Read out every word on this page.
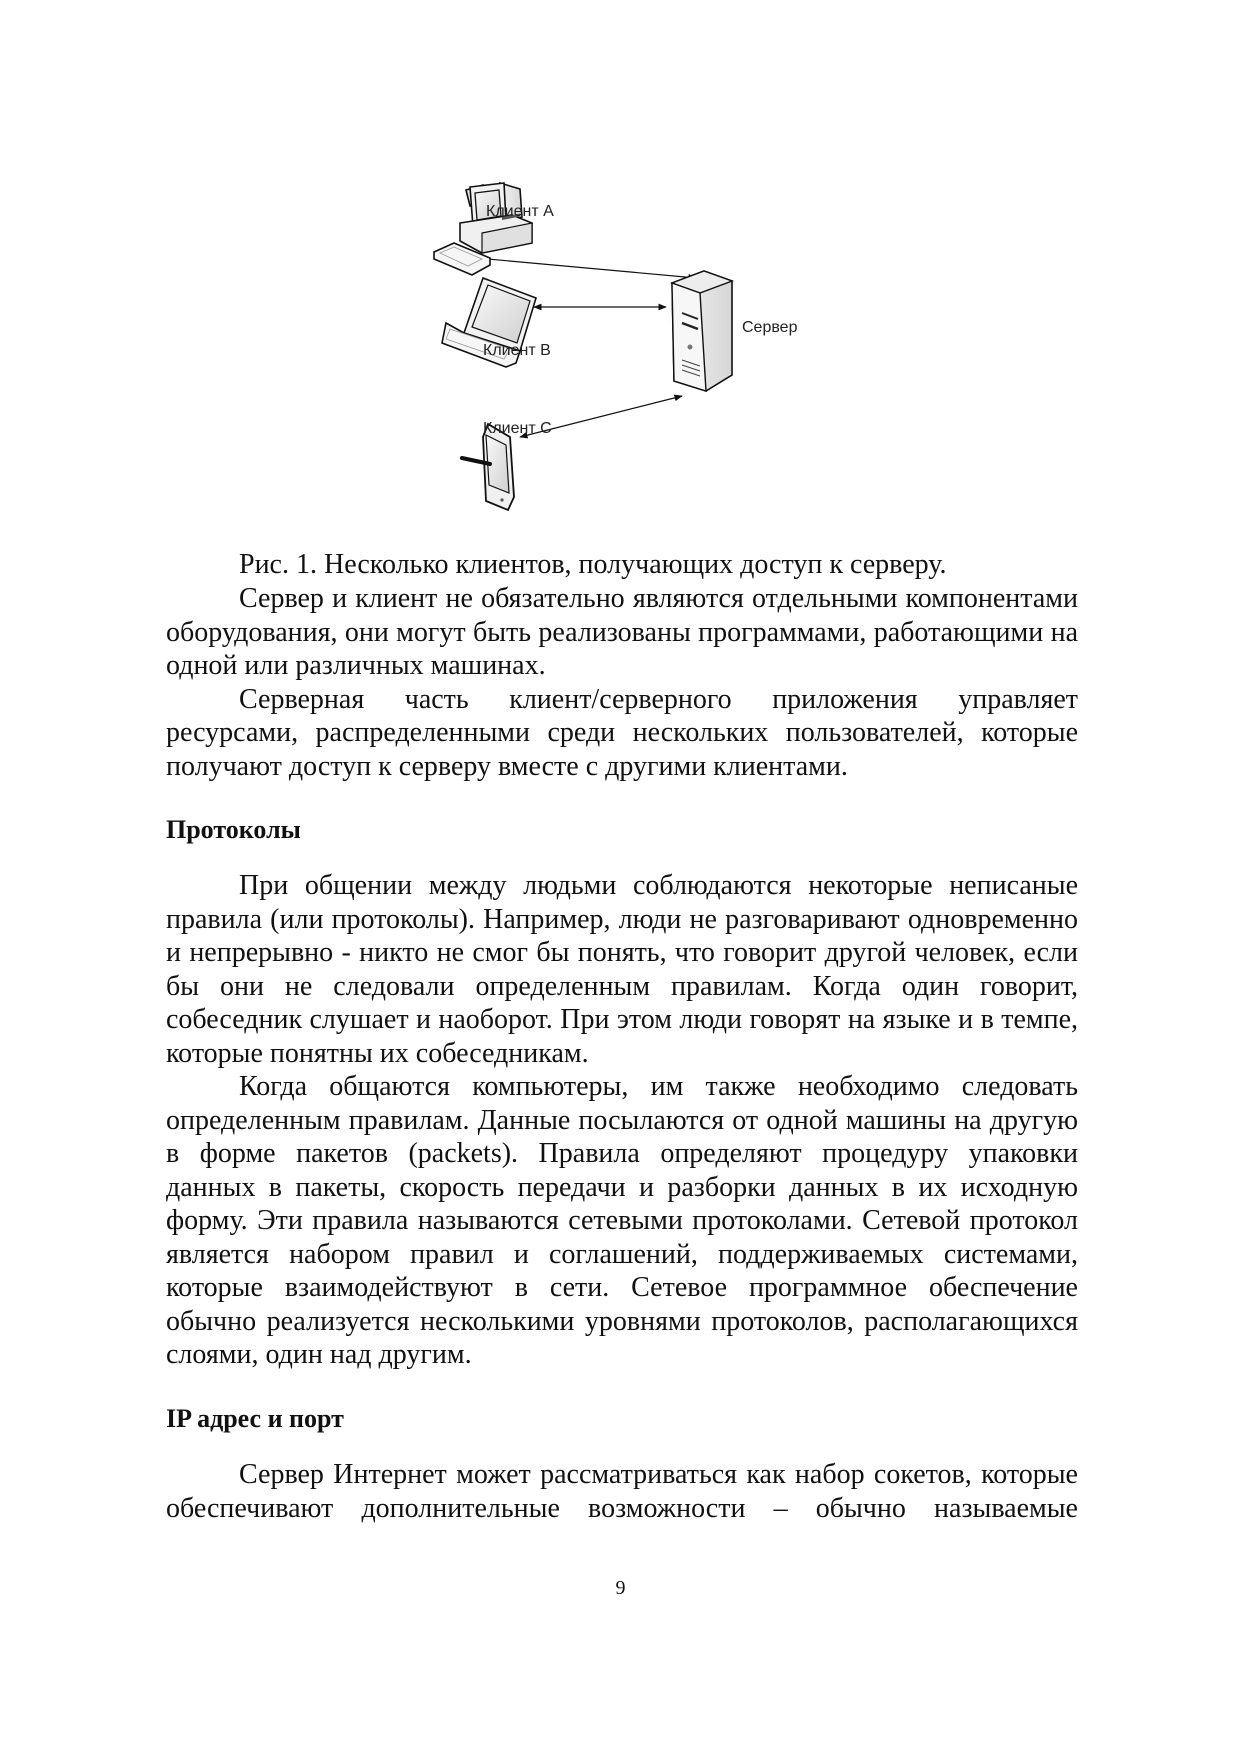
Клиент A
Клиент B
Клиент C
Сервер
Рис. 1. Несколько клиентов, получающих доступ к серверу.

Сервер и клиент не обязательно являются отдельными компонентами оборудования, они могут быть реализованы программами, работающими на одной или различных машинах.

Серверная часть клиент/серверного приложения управляет ресурсами, распределенными среди нескольких пользователей, которые получают доступ к серверу вместе с другими клиентами.

Протоколы

При общении между людьми соблюдаются некоторые неписаные правила (или протоколы). Например, люди не разговаривают одновременно и непрерывно - никто не смог бы понять, что говорит другой человек, если бы они не следовали определенным правилам. Когда один говорит, собеседник слушает и наоборот. При этом люди говорят на языке и в темпе, которые понятны их собеседникам.

Когда общаются компьютеры, им также необходимо следовать определенным правилам. Данные посылаются от одной машины на другую в форме пакетов (packets). Правила определяют процедуру упаковки данных в пакеты, скорость передачи и разборки данных в их исходную форму. Эти правила называются сетевыми протоколами. Сетевой протокол является набором правил и соглашений, поддерживаемых системами, которые взаимодействуют в сети. Сетевое программное обеспечение обычно реализуется несколькими уровнями протоколов, располагающихся слоями, один над другим.

IP адрес и порт

Сервер Интернет может рассматриваться как набор сокетов, которые обеспечивают дополнительные возможности – обычно называемые

9
